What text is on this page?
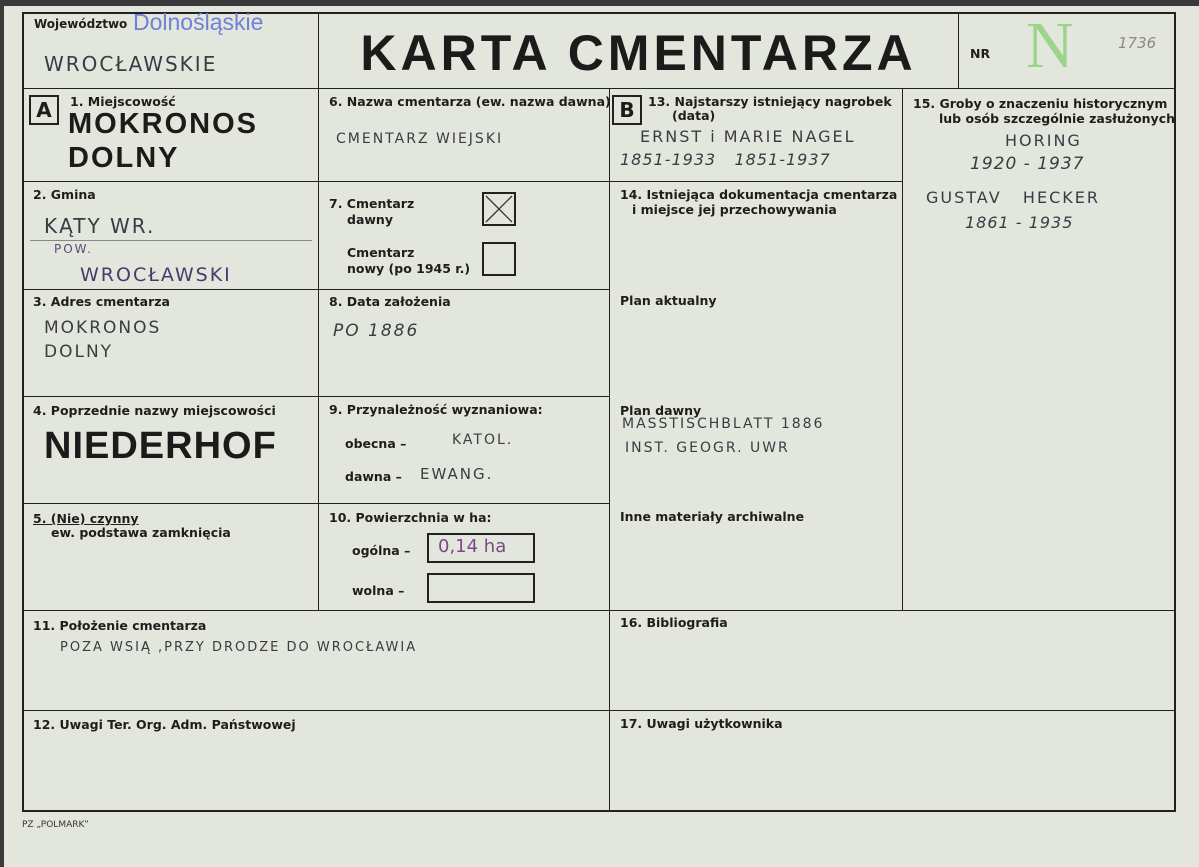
Województwo Dolnośląskie
WROCŁAWSKIE	KARTA CMENTARZA	NR N	1736
A	B
1. Miejscowość
MOKRONOS
DOLNY
2. Gmina
KĄTY WR.
POW.
WROCŁAWSKI
3. Adres cmentarza
MOKRONOS
DOLNY
4. Poprzednie nazwy miejscowości
NIEDERHOF
5. (Nie) czynny
ew. podstawa zamknięcia
6. Nazwa cmentarza (ew. nazwa dawna)
CMENTARZ WIEJSKI
7. Cmentarz
dawny
Cmentarz
nowy (po 1945 r.)
8. Data założenia
PO 1886
9. Przynależność wyznaniowa:
obecna –	KATOL.
dawna – EWANG.
10. Powierzchnia w ha:
ogólna – 0,14 ha
wolna –
11. Położenie cmentarza
POZA WSIĄ ,PRZY DRODZE DO WROCŁAWIA
12. Uwagi Ter. Org. Adm. Państwowej
13. Najstarszy istniejący nagrobek
(data)
ERNST i MARIE NAGEL
1851-1933   1851-1937
14. Istniejąca dokumentacja cmentarza
i miejsce jej przechowywania
Plan aktualny
Plan dawny
MASSTISCHBLATT 1886
INST. GEOGR. UWR
Inne materiały archiwalne
15. Groby o znaczeniu historycznym
lub osób szczególnie zasłużonych
HORING
1920 - 1937
GUSTAV   HECKER
1861 - 1935
16. Bibliografia
17. Uwagi użytkownika
PZ „POLMARK”
